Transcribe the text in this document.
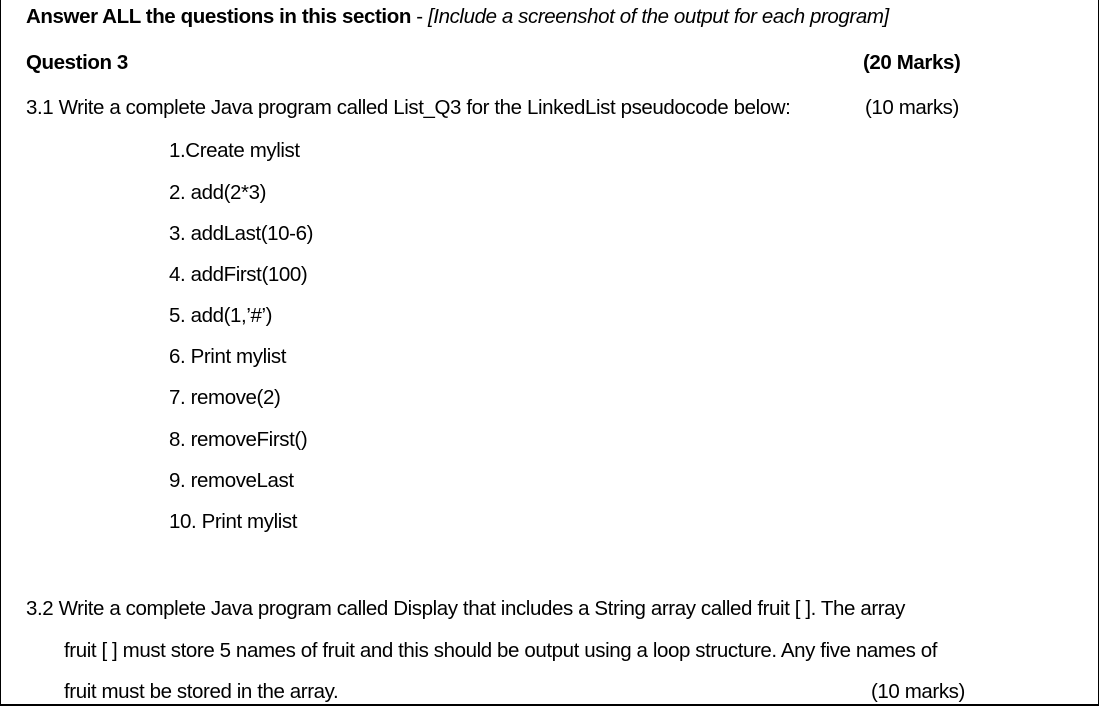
Answer ALL the questions in this section - [Include a screenshot of the output for each program]
Question 3	(20 Marks)
3.1 Write a complete Java program called List_Q3 for the LinkedList pseudocode below:	(10 marks)
1.Create mylist
2. add(2*3)
3. addLast(10-6)
4. addFirst(100)
5. add(1,’#’)
6. Print mylist
7. remove(2)
8. removeFirst()
9. removeLast
10. Print mylist
3.2 Write a complete Java program called Display that includes a String array called fruit [ ]. The array
fruit [ ] must store 5 names of fruit and this should be output using a loop structure. Any five names of
fruit must be stored in the array.	(10 marks)
